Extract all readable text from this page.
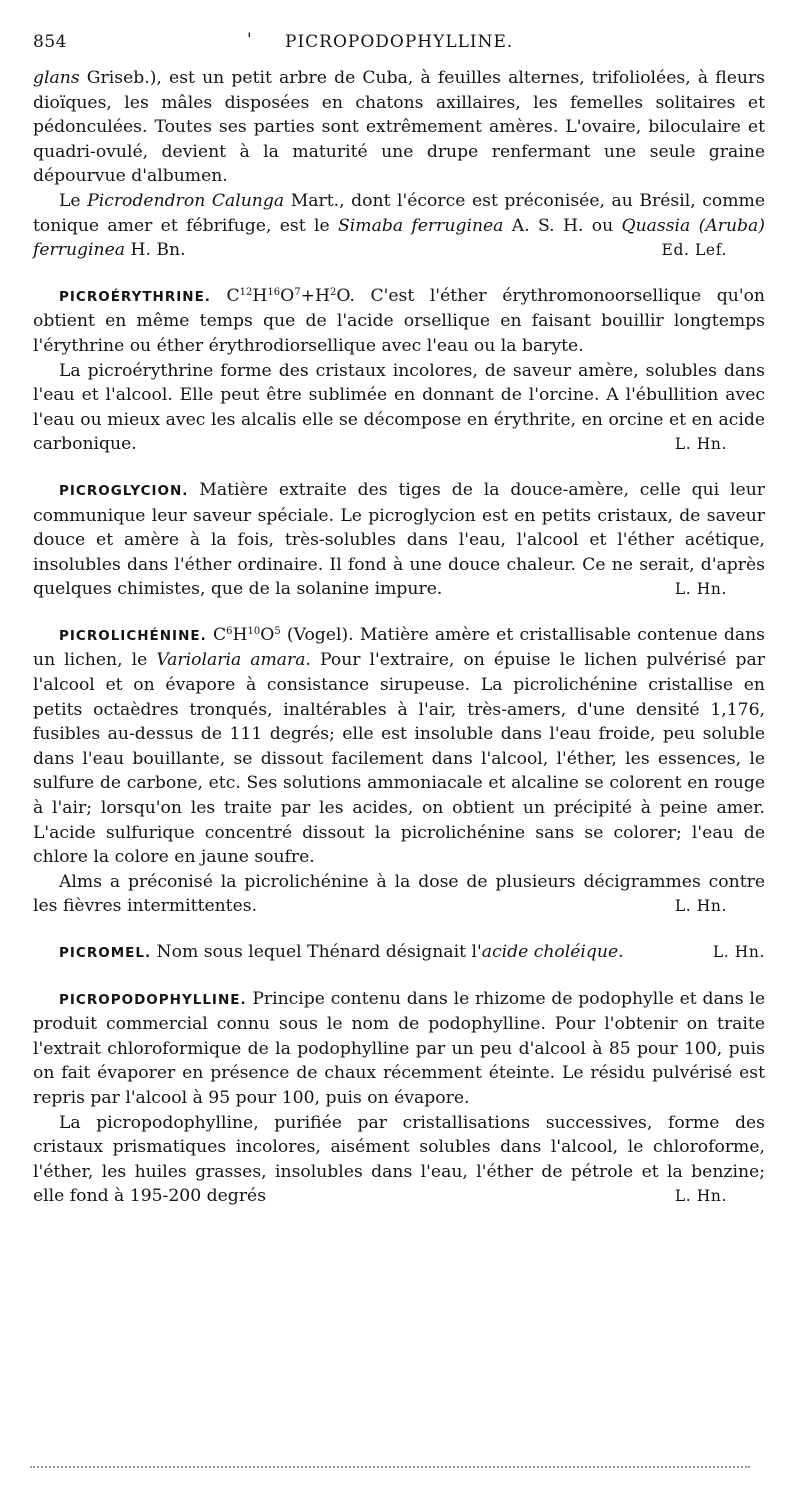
854	' PICROPODOPHYLLINE.

glans Griseb.), est un petit arbre de Cuba, à feuilles alternes, trifoliolées, à fleurs dioïques, les mâles disposées en chatons axillaires, les femelles solitaires et pédonculées. Toutes ses parties sont extrêmement amères. L'ovaire, biloculaire et quadri-ovulé, devient à la maturité une drupe renfermant une seule graine dépourvue d'albumen.

Le Picrodendron Calunga Mart., dont l'écorce est préconisée, au Brésil, comme tonique amer et fébrifuge, est le Simaba ferruginea A. S. H. ou Quassia (Aruba) ferruginea H. Bn.	Ed. Lef.

PICROÉRYTHRINE. $C^{12}H^{16}O^7+H^2O$. C'est l'éther érythromonoorsellique qu'on obtient en même temps que de l'acide orsellique en faisant bouillir longtemps l'érythrine ou éther érythrodiorsellique avec l'eau ou la baryte.

La picroérythrine forme des cristaux incolores, de saveur amère, solubles dans l'eau et l'alcool. Elle peut être sublimée en donnant de l'orcine. A l'ébullition avec l'eau ou mieux avec les alcalis elle se décompose en érythrite, en orcine et en acide carbonique.	L. Hn.

PICROGLYCION. Matière extraite des tiges de la douce-amère, celle qui leur communique leur saveur spéciale. Le picroglycion est en petits cristaux, de saveur douce et amère à la fois, très-solubles dans l'eau, l'alcool et l'éther acétique, insolubles dans l'éther ordinaire. Il fond à une douce chaleur. Ce ne serait, d'après quelques chimistes, que de la solanine impure.	L. Hn.

PICROLICHÉNINE. $C^6H^{10}O^5$ (Vogel). Matière amère et cristallisable contenue dans un lichen, le Variolaria amara. Pour l'extraire, on épuise le lichen pulvérisé par l'alcool et on évapore à consistance sirupeuse. La picrolichénine cristallise en petits octaèdres tronqués, inaltérables à l'air, très-amers, d'une densité 1,176, fusibles au-dessus de 111 degrés; elle est insoluble dans l'eau froide, peu soluble dans l'eau bouillante, se dissout facilement dans l'alcool, l'éther, les essences, le sulfure de carbone, etc. Ses solutions ammoniacale et alcaline se colorent en rouge à l'air; lorsqu'on les traite par les acides, on obtient un précipité à peine amer. L'acide sulfurique concentré dissout la picrolichénine sans se colorer; l'eau de chlore la colore en jaune soufre.

Alms a préconisé la picrolichénine à la dose de plusieurs décigrammes contre les fièvres intermittentes.	L. Hn.

PICROMEL. Nom sous lequel Thénard désignait l'acide choléique.	L. Hn.

PICROPODOPHYLLINE. Principe contenu dans le rhizome de podophylle et dans le produit commercial connu sous le nom de podophylline. Pour l'obtenir on traite l'extrait chloroformique de la podophylline par un peu d'alcool à 85 pour 100, puis on fait évaporer en présence de chaux récemment éteinte. Le résidu pulvérisé est repris par l'alcool à 95 pour 100, puis on évapore.

La picropodophylline, purifiée par cristallisations successives, forme des cristaux prismatiques incolores, aisément solubles dans l'alcool, le chloroforme, l'éther, les huiles grasses, insolubles dans l'eau, l'éther de pétrole et la benzine; elle fond à 195-200 degrés	L. Hn.
